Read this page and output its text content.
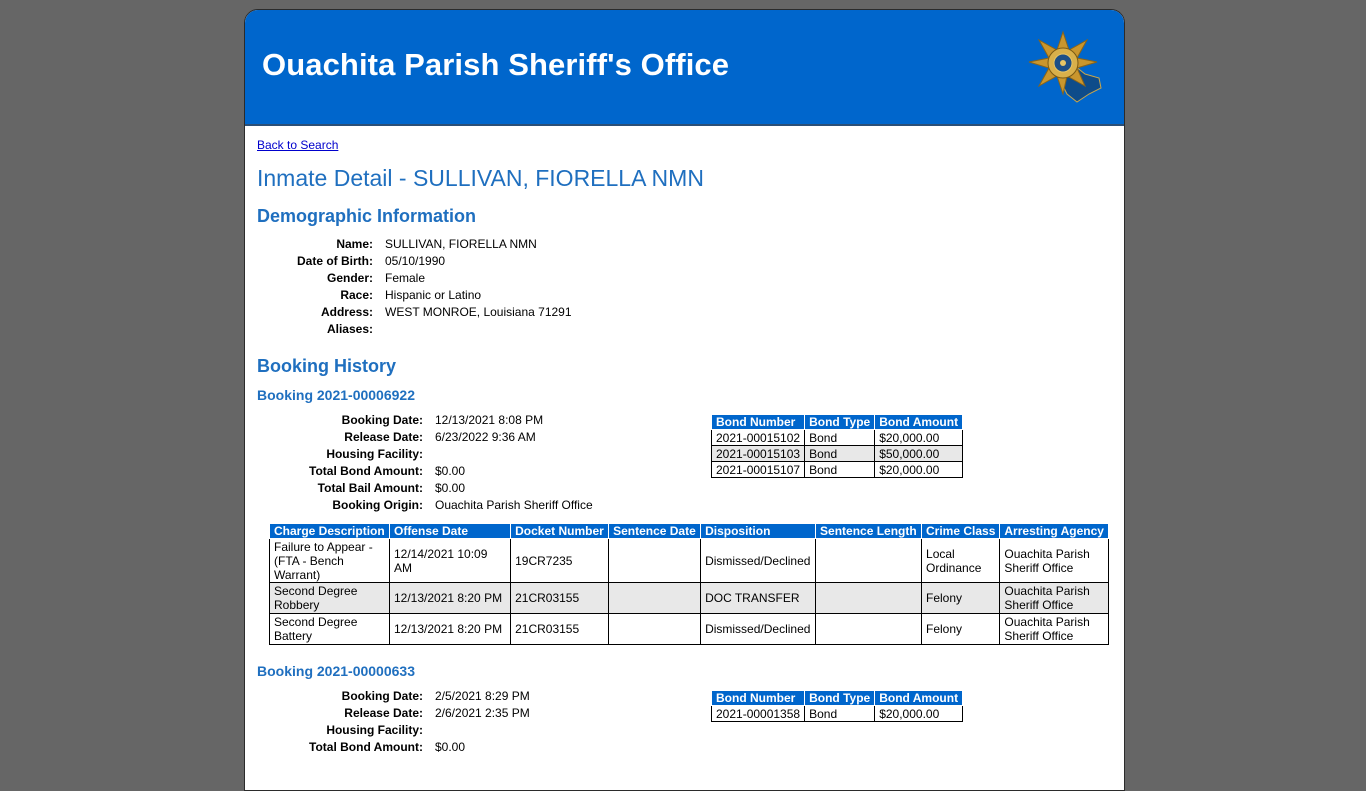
Ouachita Parish Sheriff's Office
Back to Search
Inmate Detail - SULLIVAN, FIORELLA NMN
Demographic Information
Name: SULLIVAN, FIORELLA NMN
Date of Birth: 05/10/1990
Gender: Female
Race: Hispanic or Latino
Address: WEST MONROE, Louisiana 71291
Aliases:
Booking History
Booking 2021-00006922
Booking Date: 12/13/2021 8:08 PM
Release Date: 6/23/2022 9:36 AM
Housing Facility:
Total Bond Amount: $0.00
Total Bail Amount: $0.00
Booking Origin: Ouachita Parish Sheriff Office
Bond Number	Bond Type	Bond Amount
2021-00015102	Bond	$20,000.00
2021-00015103	Bond	$50,000.00
2021-00015107	Bond	$20,000.00
Charge Description	Offense Date	Docket Number	Sentence Date	Disposition	Sentence Length	Crime Class	Arresting Agency
Failure to Appear - (FTA - Bench Warrant)	12/14/2021 10:09 AM	19CR7235		Dismissed/Declined		Local Ordinance	Ouachita Parish Sheriff Office
Second Degree Robbery	12/13/2021 8:20 PM	21CR03155		DOC TRANSFER		Felony	Ouachita Parish Sheriff Office
Second Degree Battery	12/13/2021 8:20 PM	21CR03155		Dismissed/Declined		Felony	Ouachita Parish Sheriff Office
Booking 2021-00000633
Booking Date: 2/5/2021 8:29 PM
Release Date: 2/6/2021 2:35 PM
Housing Facility:
Total Bond Amount: $0.00
Bond Number	Bond Type	Bond Amount
2021-00001358	Bond	$20,000.00
